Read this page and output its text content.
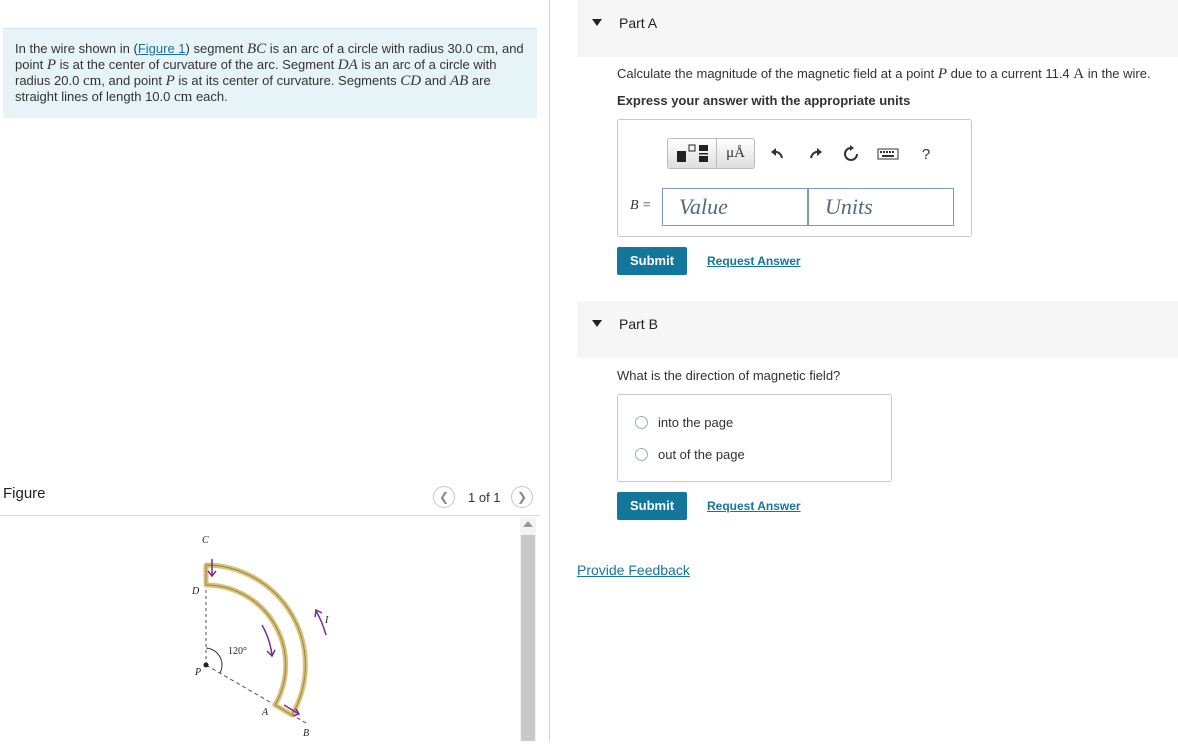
In the wire shown in (Figure 1) segment BC is an arc of a circle with radius 30.0 cm, and point P is at the center of curvature of the arc. Segment DA is an arc of a circle with radius 20.0 cm, and point P is at its center of curvature. Segments CD and AB are straight lines of length 10.0 cm each.
Figure	❮	1 of 1	❯
C
D
P
A
B
I
120°
Part A
Calculate the magnitude of the magnetic field at a point P due to a current 11.4 A in the wire.
Express your answer with the appropriate units
μÅ	?
B =	Value	Units
Submit	Request Answer
Part B
What is the direction of magnetic field?
into the page
out of the page
Submit	Request Answer
Provide Feedback
